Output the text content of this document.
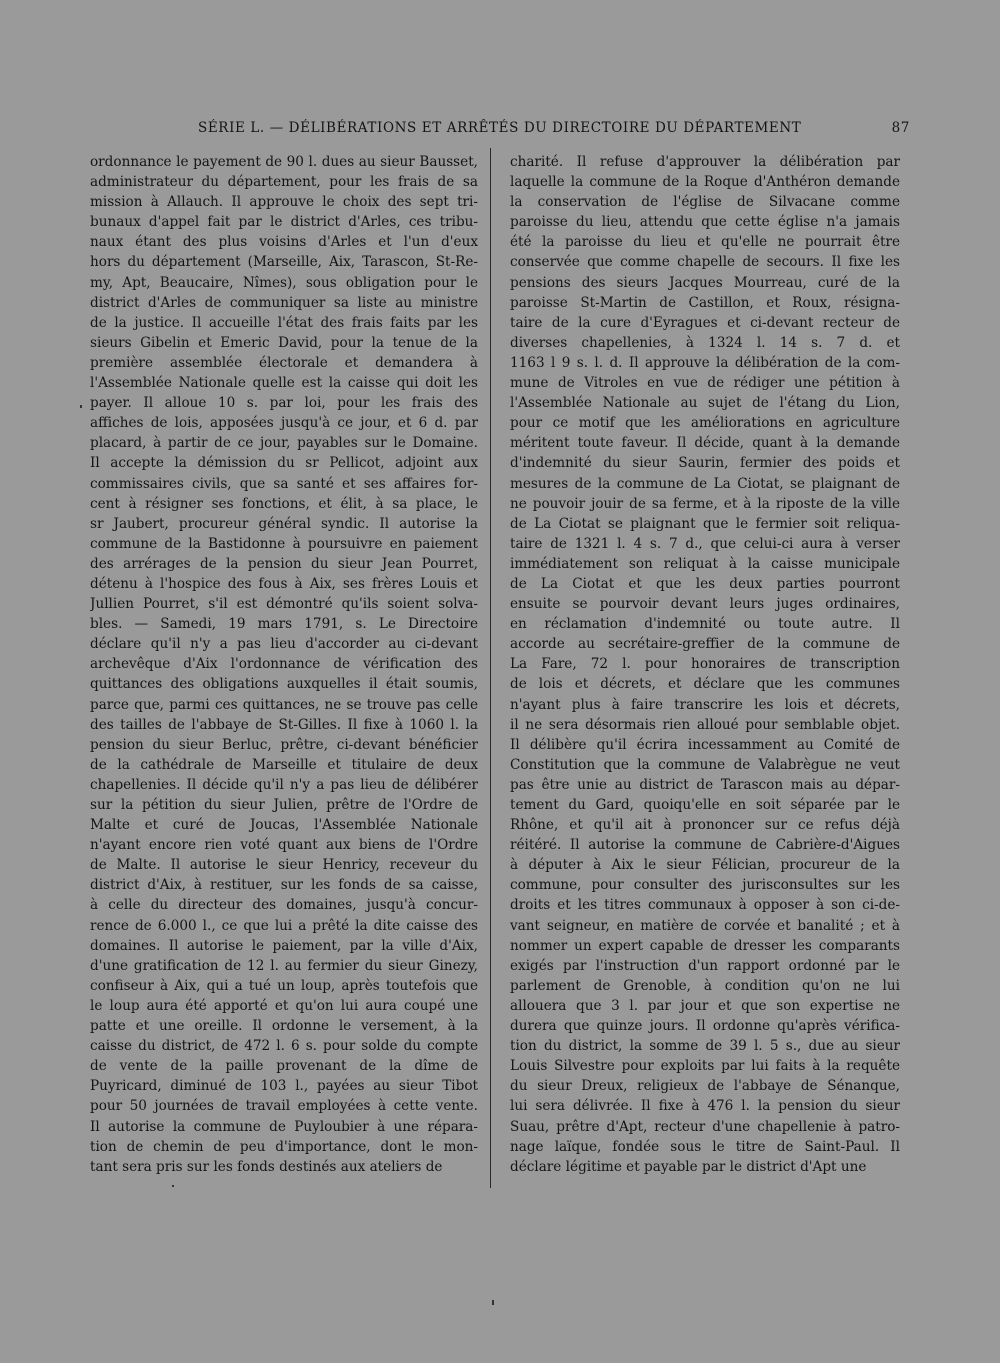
SÉRIE L. — DÉLIBÉRATIONS ET ARRÊTÉS DU DIRECTOIRE DU DÉPARTEMENT	87
ordonnance le payement de 90 l. dues au sieur Bausset,
administrateur du département, pour les frais de sa
mission à Allauch. Il approuve le choix des sept tri-
bunaux d'appel fait par le district d'Arles, ces tribu-
naux étant des plus voisins d'Arles et l'un d'eux
hors du département (Marseille, Aix, Tarascon, St-Re-
my, Apt, Beaucaire, Nîmes), sous obligation pour le
district d'Arles de communiquer sa liste au ministre
de la justice. Il accueille l'état des frais faits par les
sieurs Gibelin et Emeric David, pour la tenue de la
première assemblée électorale et demandera à
l'Assemblée Nationale quelle est la caisse qui doit les
payer. Il alloue 10 s. par loi, pour les frais des
affiches de lois, apposées jusqu'à ce jour, et 6 d. par
placard, à partir de ce jour, payables sur le Domaine.
Il accepte la démission du sr Pellicot, adjoint aux
commissaires civils, que sa santé et ses affaires for-
cent à résigner ses fonctions, et élit, à sa place, le
sr Jaubert, procureur général syndic. Il autorise la
commune de la Bastidonne à poursuivre en paiement
des arrérages de la pension du sieur Jean Pourret,
détenu à l'hospice des fous à Aix, ses frères Louis et
Jullien Pourret, s'il est démontré qu'ils soient solva-
bles. — Samedi, 19 mars 1791, s. Le Directoire
déclare qu'il n'y a pas lieu d'accorder au ci-devant
archevêque d'Aix l'ordonnance de vérification des
quittances des obligations auxquelles il était soumis,
parce que, parmi ces quittances, ne se trouve pas celle
des tailles de l'abbaye de St-Gilles. Il fixe à 1060 l. la
pension du sieur Berluc, prêtre, ci-devant bénéficier
de la cathédrale de Marseille et titulaire de deux
chapellenies. Il décide qu'il n'y a pas lieu de délibérer
sur la pétition du sieur Julien, prêtre de l'Ordre de
Malte et curé de Joucas, l'Assemblée Nationale
n'ayant encore rien voté quant aux biens de l'Ordre
de Malte. Il autorise le sieur Henricy, receveur du
district d'Aix, à restituer, sur les fonds de sa caisse,
à celle du directeur des domaines, jusqu'à concur-
rence de 6.000 l., ce que lui a prêté la dite caisse des
domaines. Il autorise le paiement, par la ville d'Aix,
d'une gratification de 12 l. au fermier du sieur Ginezy,
confiseur à Aix, qui a tué un loup, après toutefois que
le loup aura été apporté et qu'on lui aura coupé une
patte et une oreille. Il ordonne le versement, à la
caisse du district, de 472 l. 6 s. pour solde du compte
de vente de la paille provenant de la dîme de
Puyricard, diminué de 103 l., payées au sieur Tibot
pour 50 journées de travail employées à cette vente.
Il autorise la commune de Puyloubier à une répara-
tion de chemin de peu d'importance, dont le mon-
tant sera pris sur les fonds destinés aux ateliers de
charité. Il refuse d'approuver la délibération par
laquelle la commune de la Roque d'Anthéron demande
la conservation de l'église de Silvacane comme
paroisse du lieu, attendu que cette église n'a jamais
été la paroisse du lieu et qu'elle ne pourrait être
conservée que comme chapelle de secours. Il fixe les
pensions des sieurs Jacques Mourreau, curé de la
paroisse St-Martin de Castillon, et Roux, résigna-
taire de la cure d'Eyragues et ci-devant recteur de
diverses chapellenies, à 1324 l. 14 s. 7 d. et
1163 l 9 s. l. d. Il approuve la délibération de la com-
mune de Vitroles en vue de rédiger une pétition à
l'Assemblée Nationale au sujet de l'étang du Lion,
pour ce motif que les améliorations en agriculture
méritent toute faveur. Il décide, quant à la demande
d'indemnité du sieur Saurin, fermier des poids et
mesures de la commune de La Ciotat, se plaignant de
ne pouvoir jouir de sa ferme, et à la riposte de la ville
de La Ciotat se plaignant que le fermier soit reliqua-
taire de 1321 l. 4 s. 7 d., que celui-ci aura à verser
immédiatement son reliquat à la caisse municipale
de La Ciotat et que les deux parties pourront
ensuite se pourvoir devant leurs juges ordinaires,
en réclamation d'indemnité ou toute autre. Il
accorde au secrétaire-greffier de la commune de
La Fare, 72 l. pour honoraires de transcription
de lois et décrets, et déclare que les communes
n'ayant plus à faire transcrire les lois et décrets,
il ne sera désormais rien alloué pour semblable objet.
Il délibère qu'il écrira incessamment au Comité de
Constitution que la commune de Valabrègue ne veut
pas être unie au district de Tarascon mais au dépar-
tement du Gard, quoiqu'elle en soit séparée par le
Rhône, et qu'il ait à prononcer sur ce refus déjà
réitéré. Il autorise la commune de Cabrière-d'Aigues
à députer à Aix le sieur Félician, procureur de la
commune, pour consulter des jurisconsultes sur les
droits et les titres communaux à opposer à son ci-de-
vant seigneur, en matière de corvée et banalité ; et à
nommer un expert capable de dresser les comparants
exigés par l'instruction d'un rapport ordonné par le
parlement de Grenoble, à condition qu'on ne lui
allouera que 3 l. par jour et que son expertise ne
durera que quinze jours. Il ordonne qu'après vérifica-
tion du district, la somme de 39 l. 5 s., due au sieur
Louis Silvestre pour exploits par lui faits à la requête
du sieur Dreux, religieux de l'abbaye de Sénanque,
lui sera délivrée. Il fixe à 476 l. la pension du sieur
Suau, prêtre d'Apt, recteur d'une chapellenie à patro-
nage laïque, fondée sous le titre de Saint-Paul. Il
déclare légitime et payable par le district d'Apt une
